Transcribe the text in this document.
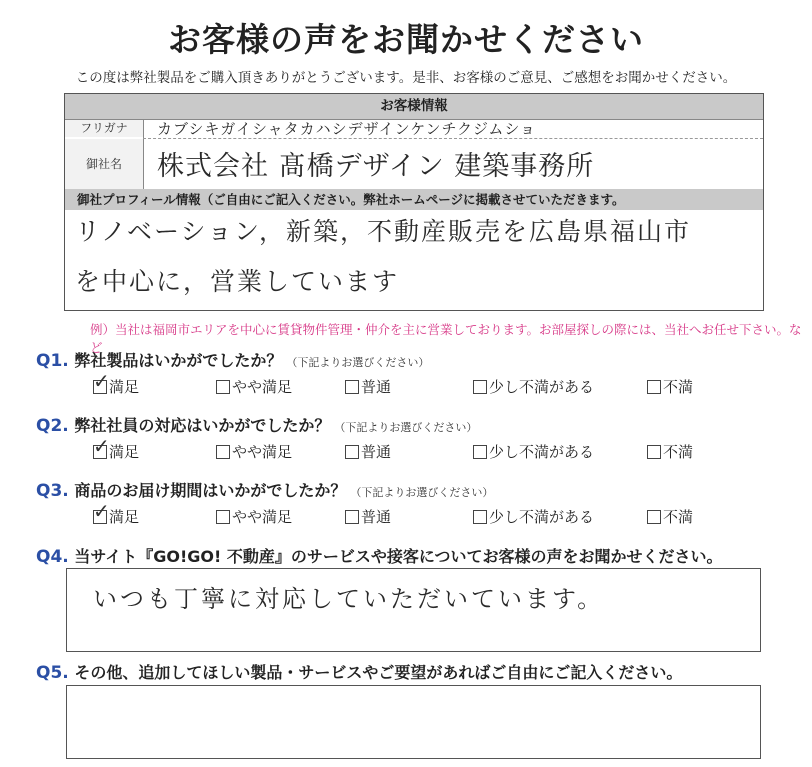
お客様の声をお聞かせください
この度は弊社製品をご購入頂きありがとうございます。是非、お客様のご意見、ご感想をお聞かせください。
お客様情報
フリガナ	カブシキガイシャタカハシデザインケンチクジムショ
御社名	株式会社 髙橋デザイン 建築事務所
御社プロフィール情報（ご自由にご記入ください。弊社ホームページに掲載させていただきます。
リノベーション，新築，不動産販売を広島県福山市
を中心に，営業しています
例）当社は福岡市エリアを中心に賃貸物件管理・仲介を主に営業しております。お部屋探しの際には、当社へお任せ下さい。など
Q1. 弊社製品はいかがでしたか？ （下記よりお選びください）
✓ 満足	やや満足	普通	少し不満がある	不満
Q2. 弊社社員の対応はいかがでしたか？ （下記よりお選びください）
✓ 満足	やや満足	普通	少し不満がある	不満
Q3. 商品のお届け期間はいかがでしたか？ （下記よりお選びください）
✓ 満足	やや満足	普通	少し不満がある	不満
Q4. 当サイト『GO!GO! 不動産』のサービスや接客についてお客様の声をお聞かせください。
いつも丁寧に対応していただいています。
Q5. その他、追加してほしい製品・サービスやご要望があればご自由にご記入ください。
